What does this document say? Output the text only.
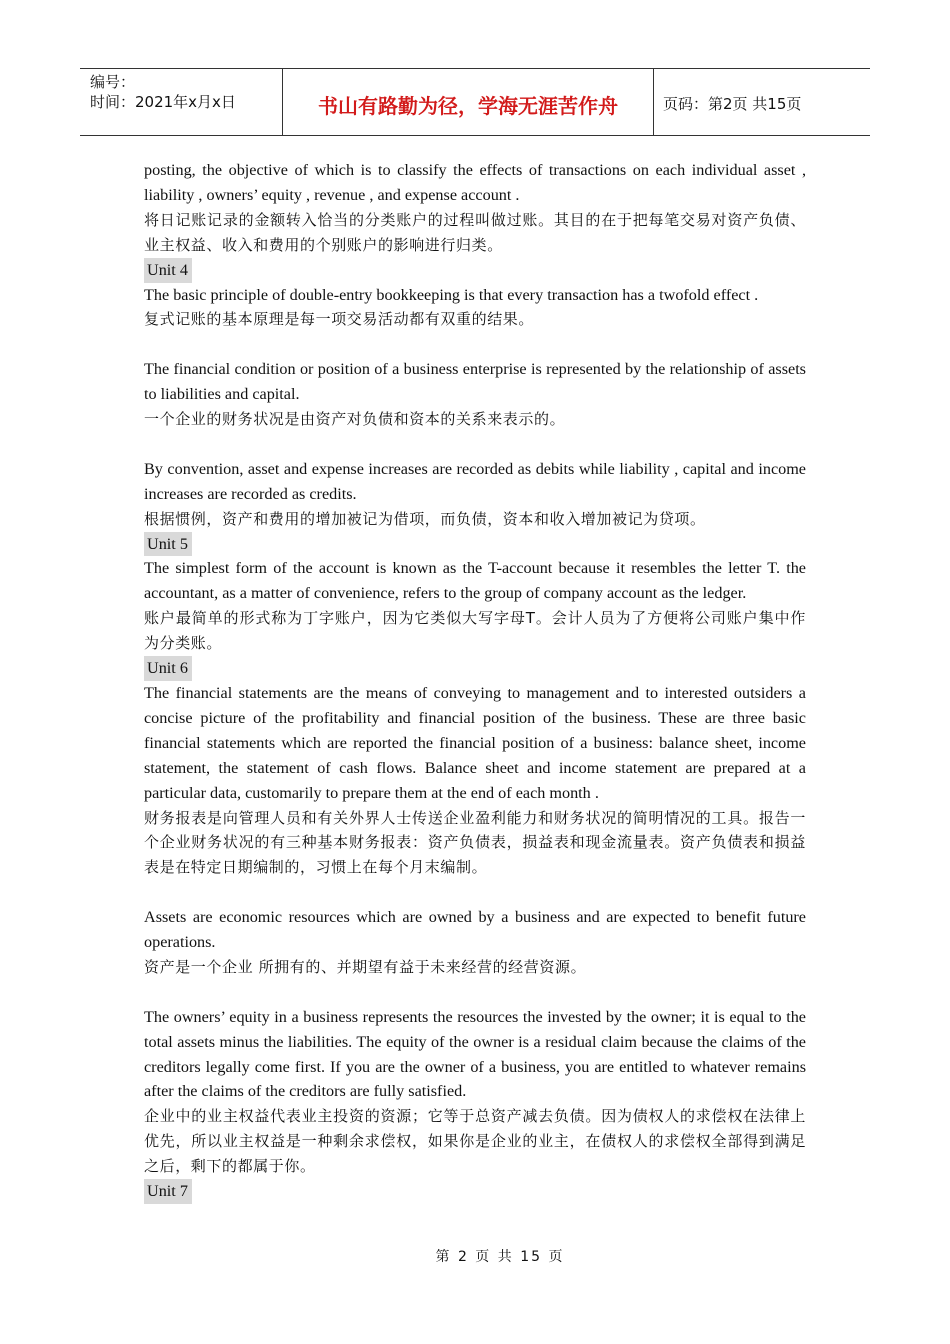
编号：
时间：2021年x月x日	书山有路勤为径，学海无涯苦作舟	页码：第2页 共15页

posting, the objective of which is to classify the effects of transactions on each individual asset , liability , owners’ equity , revenue , and expense account .

将日记账记录的金额转入恰当的分类账户的过程叫做过账。其目的在于把每笔交易对资产负债、业主权益、收入和费用的个别账户的影响进行归类。

Unit 4

The basic principle of double-entry bookkeeping is that every transaction has a twofold effect .

复式记账的基本原理是每一项交易活动都有双重的结果。

The financial condition or position of a business enterprise is represented by the relationship of assets to liabilities and capital.

一个企业的财务状况是由资产对负债和资本的关系来表示的。

By convention, asset and expense increases are recorded as debits while liability , capital and income increases are recorded as credits.

根据惯例，资产和费用的增加被记为借项，而负债，资本和收入增加被记为贷项。

Unit 5

The simplest form of the account is known as the T-account because it resembles the letter T. the accountant, as a matter of convenience, refers to the group of company account as the ledger.

账户最简单的形式称为丁字账户，因为它类似大写字母T。会计人员为了方便将公司账户集中作为分类账。

Unit 6

The financial statements are the means of conveying to management and to interested outsiders a concise picture of the profitability and financial position of the business. These are three basic financial statements which are reported the financial position of a business: balance sheet, income statement, the statement of cash flows. Balance sheet and income statement are prepared at a particular data, customarily to prepare them at the end of each month .

财务报表是向管理人员和有关外界人士传送企业盈利能力和财务状况的简明情况的工具。报告一个企业财务状况的有三种基本财务报表：资产负债表，损益表和现金流量表。资产负债表和损益表是在特定日期编制的，习惯上在每个月末编制。

Assets are economic resources which are owned by a business and are expected to benefit future operations.

资产是一个企业 所拥有的、并期望有益于未来经营的经营资源。

The owners’ equity in a business represents the resources the invested by the owner; it is equal to the total assets minus the liabilities. The equity of the owner is a residual claim because the claims of the creditors legally come first. If you are the owner of a business, you are entitled to whatever remains after the claims of the creditors are fully satisfied.

企业中的业主权益代表业主投资的资源；它等于总资产减去负债。因为债权人的求偿权在法律上优先，所以业主权益是一种剩余求偿权，如果你是企业的业主，在债权人的求偿权全部得到满足之后，剩下的都属于你。

Unit 7
第 2 页 共 15 页
